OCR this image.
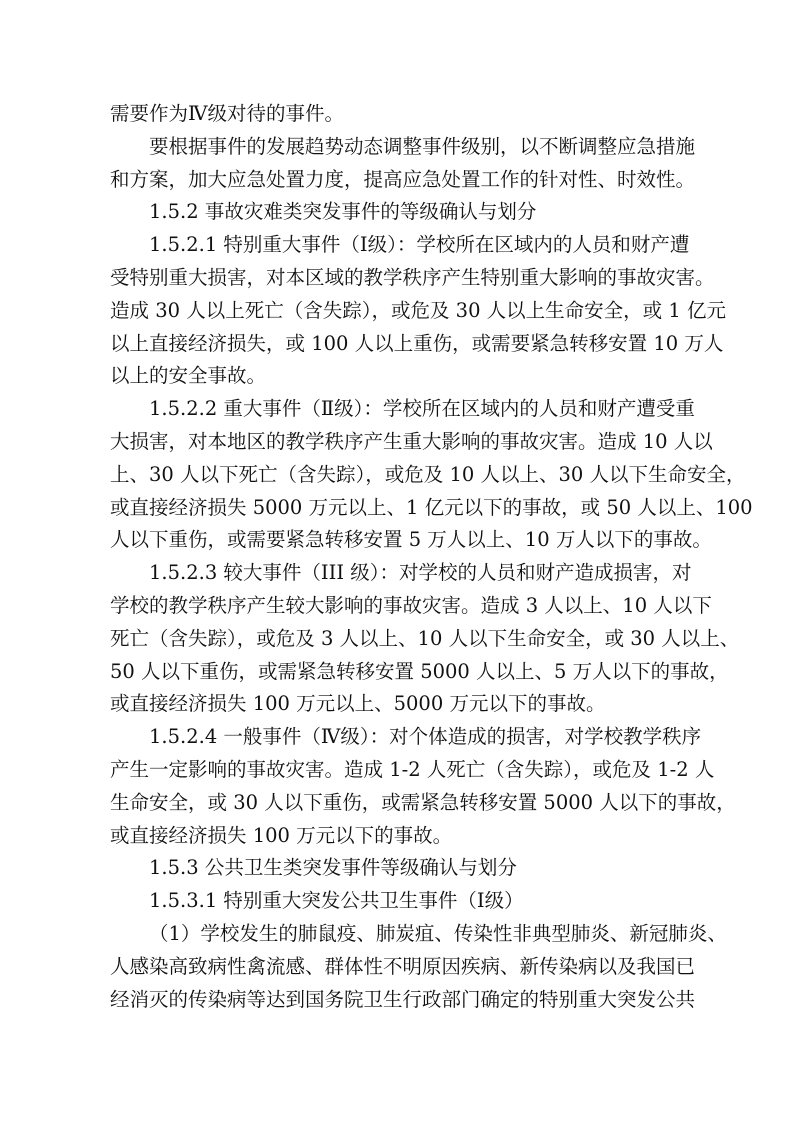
需要作为Ⅳ级对待的事件。
要根据事件的发展趋势动态调整事件级别，以不断调整应急措施
和方案，加大应急处置力度，提高应急处置工作的针对性、时效性。
1.5.2 事故灾难类突发事件的等级确认与划分
1.5.2.1 特别重大事件（Ⅰ级）：学校所在区域内的人员和财产遭
受特别重大损害，对本区域的教学秩序产生特别重大影响的事故灾害。
造成 30 人以上死亡（含失踪），或危及 30 人以上生命安全，或 1 亿元
以上直接经济损失，或 100 人以上重伤，或需要紧急转移安置 10 万人
以上的安全事故。
1.5.2.2 重大事件（Ⅱ级）：学校所在区域内的人员和财产遭受重
大损害，对本地区的教学秩序产生重大影响的事故灾害。造成 10 人以
上、30 人以下死亡（含失踪），或危及 10 人以上、30 人以下生命安全，
或直接经济损失 5000 万元以上、1 亿元以下的事故，或 50 人以上、100
人以下重伤，或需要紧急转移安置 5 万人以上、10 万人以下的事故。
1.5.2.3 较大事件（III 级）：对学校的人员和财产造成损害，对
学校的教学秩序产生较大影响的事故灾害。造成 3 人以上、10 人以下
死亡（含失踪），或危及 3 人以上、10 人以下生命安全，或 30 人以上、
50 人以下重伤，或需紧急转移安置 5000 人以上、5 万人以下的事故，
或直接经济损失 100 万元以上、5000 万元以下的事故。
1.5.2.4 一般事件（Ⅳ级）：对个体造成的损害，对学校教学秩序
产生一定影响的事故灾害。造成 1-2 人死亡（含失踪），或危及 1-2 人
生命安全，或 30 人以下重伤，或需紧急转移安置 5000 人以下的事故，
或直接经济损失 100 万元以下的事故。
1.5.3 公共卫生类突发事件等级确认与划分
1.5.3.1 特别重大突发公共卫生事件（Ⅰ级）
（1）学校发生的肺鼠疫、肺炭疽、传染性非典型肺炎、新冠肺炎、
人感染高致病性禽流感、群体性不明原因疾病、新传染病以及我国已
经消灭的传染病等达到国务院卫生行政部门确定的特别重大突发公共
